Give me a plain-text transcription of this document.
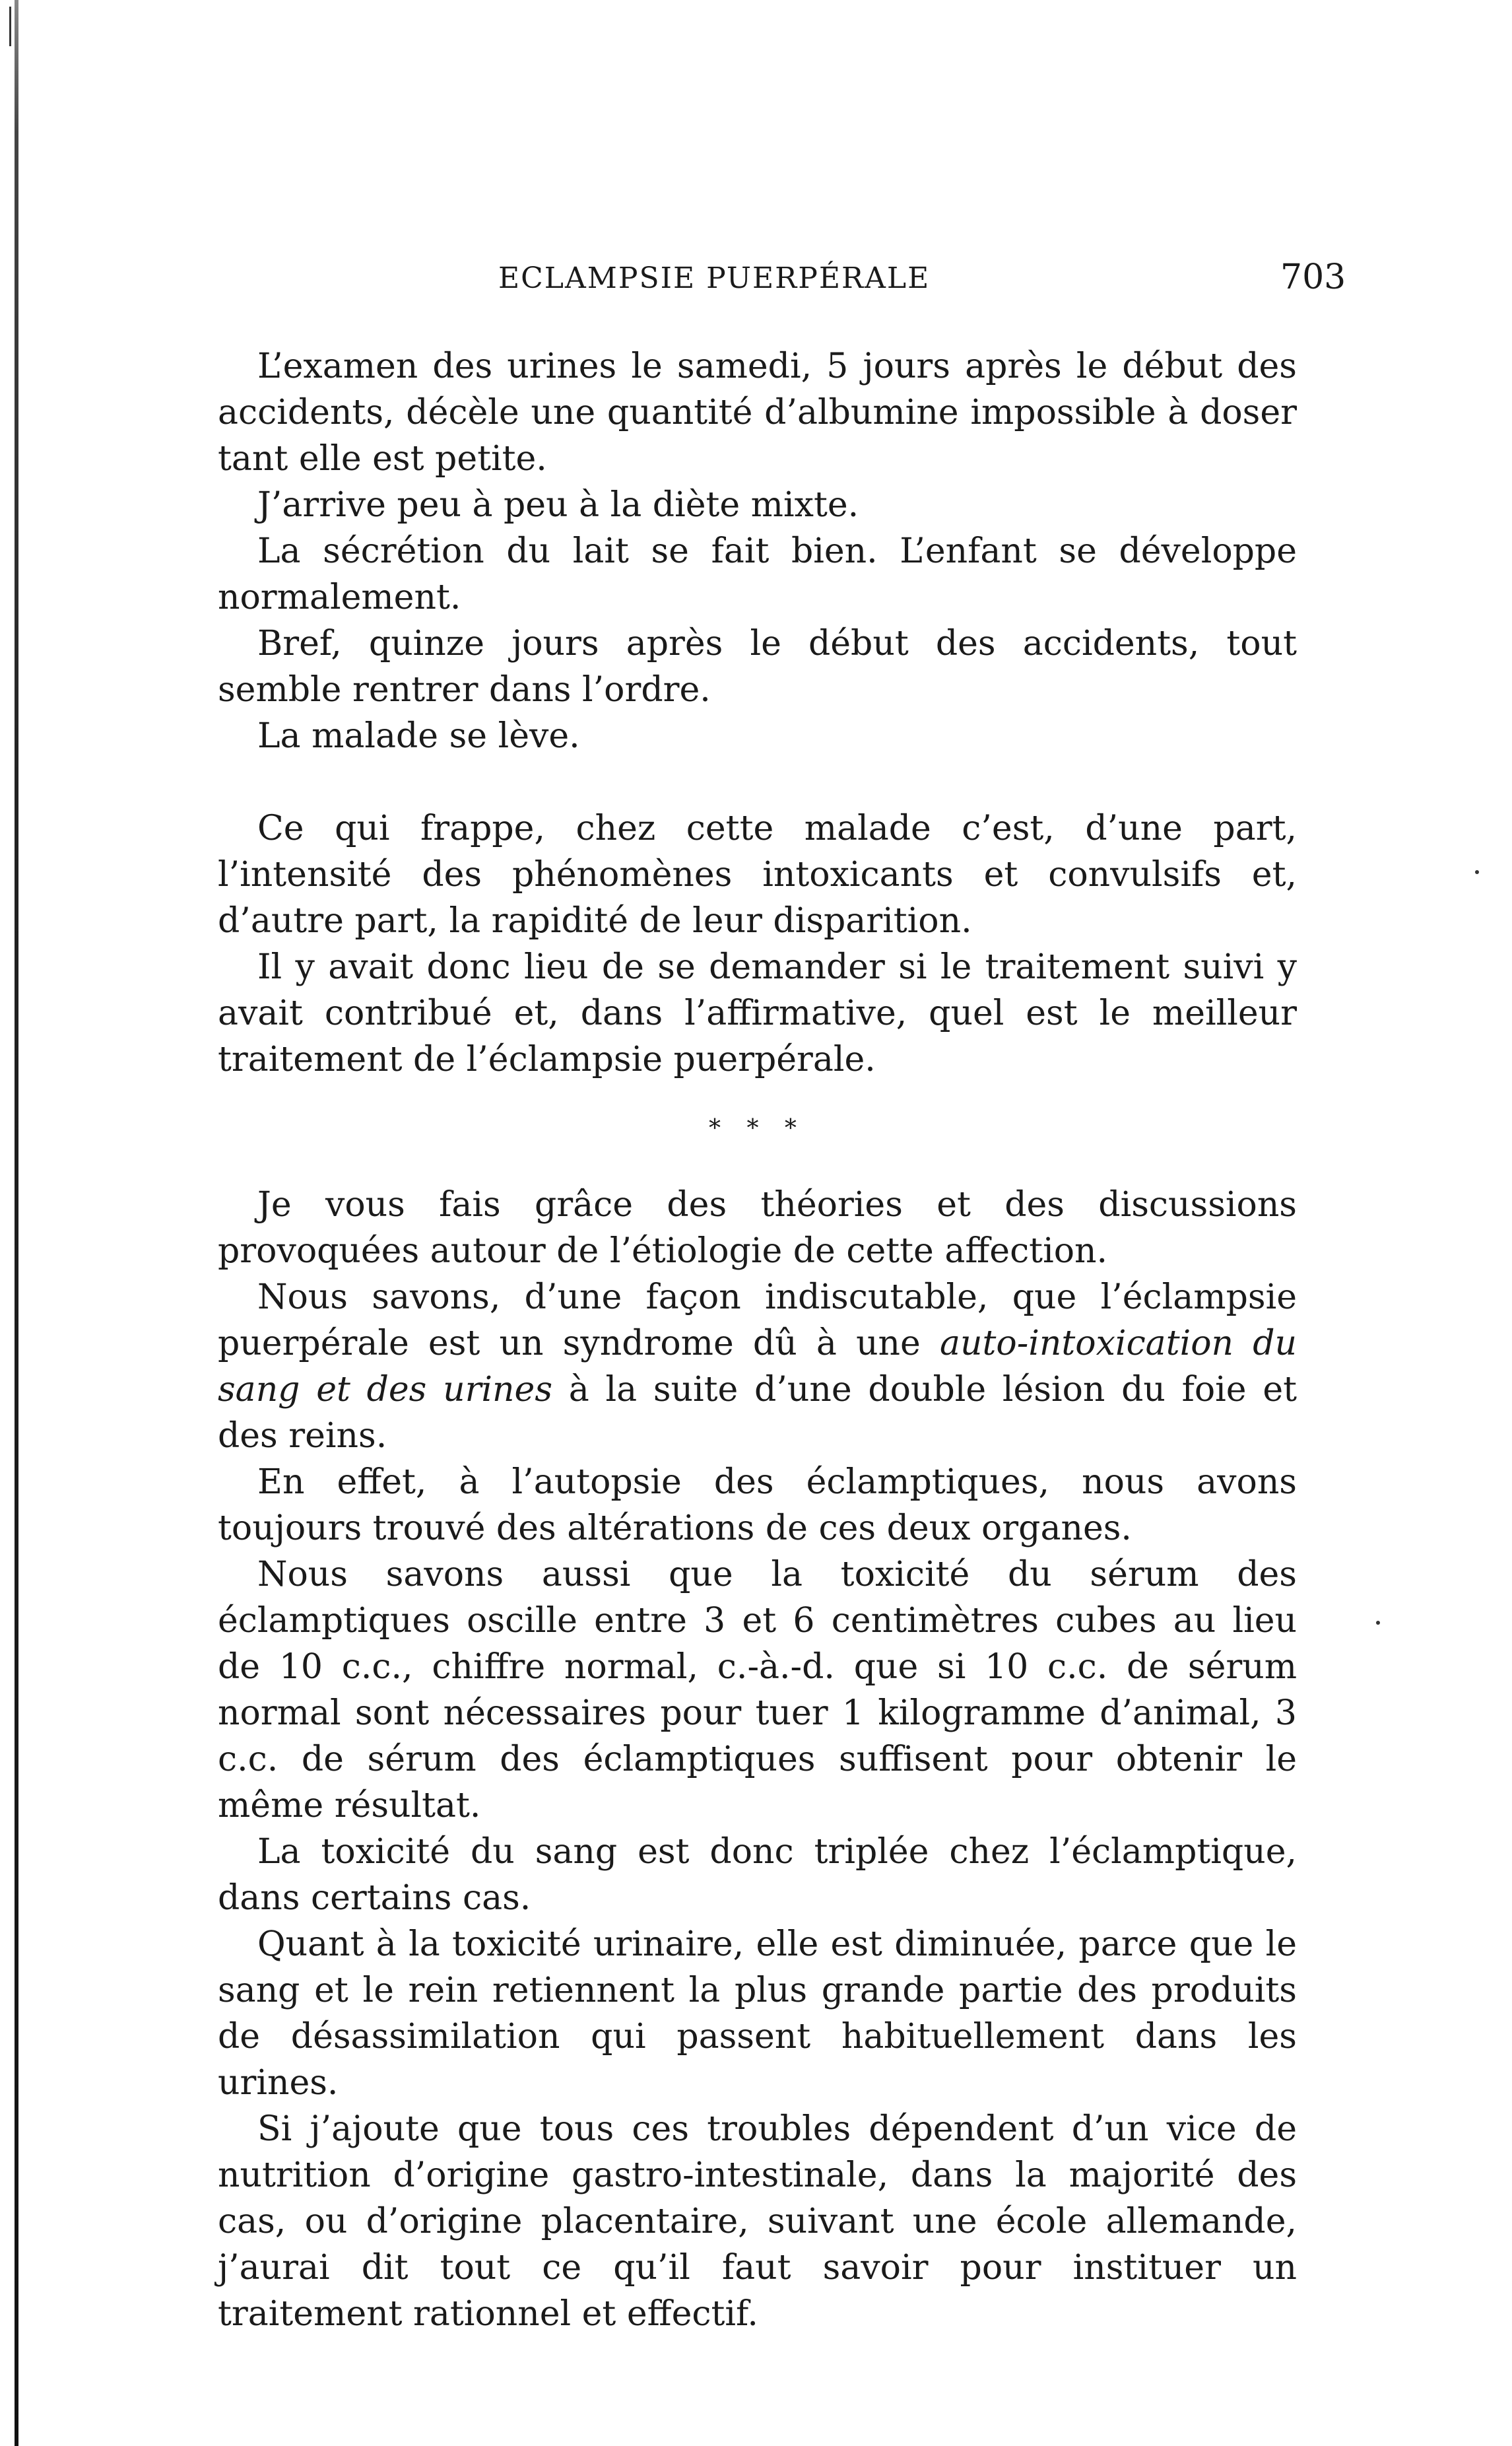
ECLAMPSIE PUERPÉRALE	703

L’examen des urines le samedi, 5 jours après le début des accidents, décèle une quantité d’albumine impossible à doser tant elle est petite.

J’arrive peu à peu à la diète mixte.

La sécrétion du lait se fait bien. L’enfant se développe normalement.

Bref, quinze jours après le début des accidents, tout semble rentrer dans l’ordre.

La malade se lève.

Ce qui frappe, chez cette malade c’est, d’une part, l’intensité des phénomènes intoxicants et convulsifs et, d’autre part, la rapidité de leur disparition.

Il y avait donc lieu de se demander si le traitement suivi y avait contribué et, dans l’affirmative, quel est le meilleur traitement de l’éclampsie puerpérale.

* * *

Je vous fais grâce des théories et des discussions provoquées autour de l’étiologie de cette affection.

Nous savons, d’une façon indiscutable, que l’éclampsie puerpérale est un syndrome dû à une auto-intoxication du sang et des urines à la suite d’une double lésion du foie et des reins.

En effet, à l’autopsie des éclamptiques, nous avons toujours trouvé des altérations de ces deux organes.

Nous savons aussi que la toxicité du sérum des éclamptiques oscille entre 3 et 6 centimètres cubes au lieu de 10 c.c., chiffre normal, c.-à.-d. que si 10 c.c. de sérum normal sont nécessaires pour tuer 1 kilogramme d’animal, 3 c.c. de sérum des éclamptiques suffisent pour obtenir le même résultat.

La toxicité du sang est donc triplée chez l’éclamptique, dans certains cas.

Quant à la toxicité urinaire, elle est diminuée, parce que le sang et le rein retiennent la plus grande partie des produits de désassimilation qui passent habituellement dans les urines.

Si j’ajoute que tous ces troubles dépendent d’un vice de nutrition d’origine gastro-intestinale, dans la majorité des cas, ou d’origine placentaire, suivant une école allemande, j’aurai dit tout ce qu’il faut savoir pour instituer un traitement rationnel et effectif.
